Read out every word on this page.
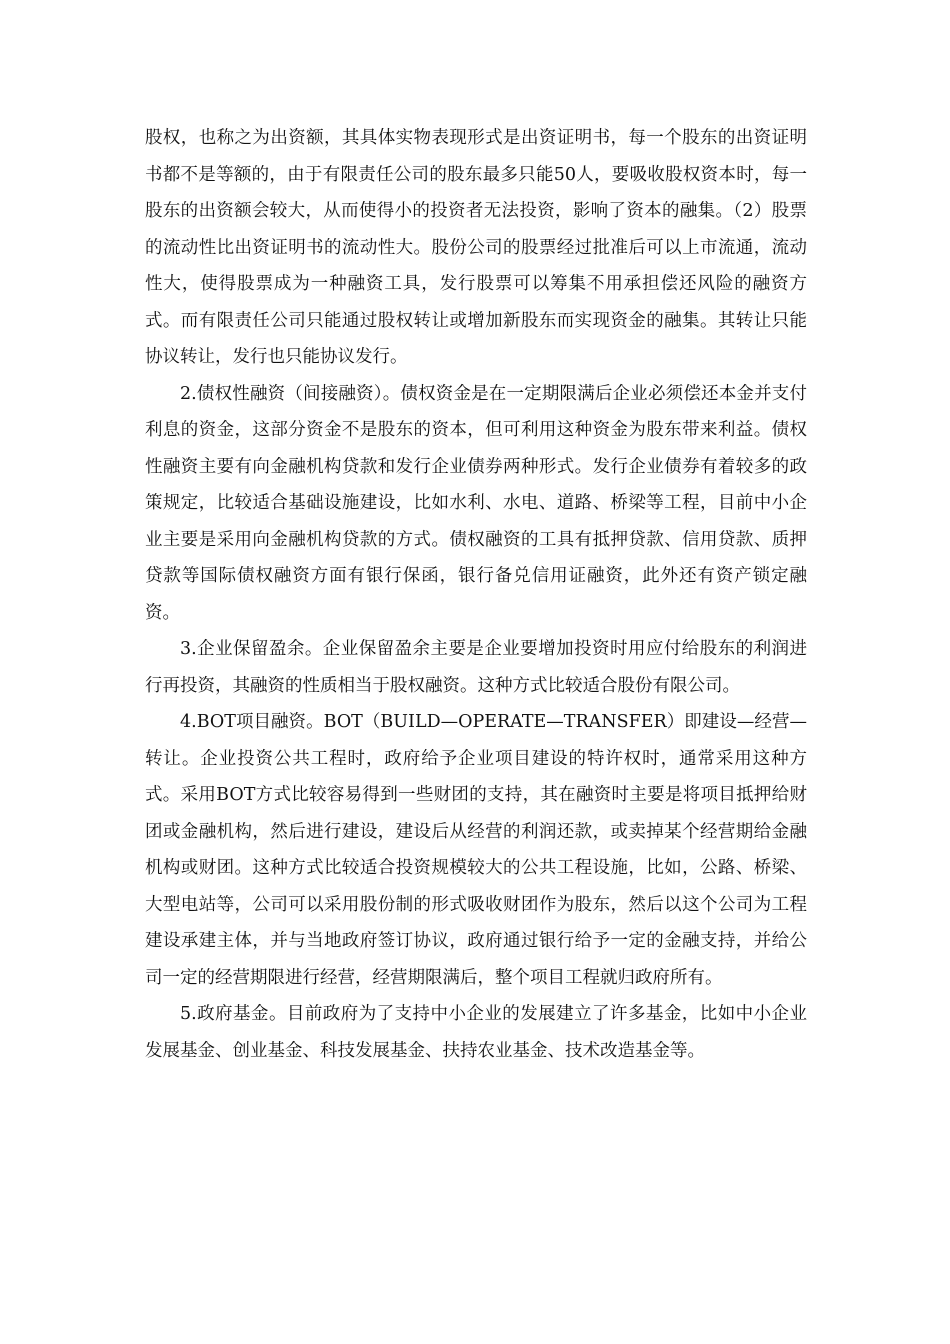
股权，也称之为出资额，其具体实物表现形式是出资证明书，每一个股东的出资证明书都不是等额的，由于有限责任公司的股东最多只能50人，要吸收股权资本时，每一股东的出资额会较大，从而使得小的投资者无法投资，影响了资本的融集。（2）股票的流动性比出资证明书的流动性大。股份公司的股票经过批准后可以上市流通，流动性大，使得股票成为一种融资工具，发行股票可以筹集不用承担偿还风险的融资方式。而有限责任公司只能通过股权转让或增加新股东而实现资金的融集。其转让只能协议转让，发行也只能协议发行。

2.债权性融资（间接融资）。债权资金是在一定期限满后企业必须偿还本金并支付利息的资金，这部分资金不是股东的资本，但可利用这种资金为股东带来利益。债权性融资主要有向金融机构贷款和发行企业债券两种形式。发行企业债券有着较多的政策规定，比较适合基础设施建设，比如水利、水电、道路、桥梁等工程，目前中小企业主要是采用向金融机构贷款的方式。债权融资的工具有抵押贷款、信用贷款、质押贷款等国际债权融资方面有银行保函，银行备兑信用证融资，此外还有资产锁定融资。

3.企业保留盈余。企业保留盈余主要是企业要增加投资时用应付给股东的利润进行再投资，其融资的性质相当于股权融资。这种方式比较适合股份有限公司。

4.BOT项目融资。BOT（BUILD—OPERATE—TRANSFER）即建设—经营—转让。企业投资公共工程时，政府给予企业项目建设的特许权时，通常采用这种方式。采用BOT方式比较容易得到一些财团的支持，其在融资时主要是将项目抵押给财团或金融机构，然后进行建设，建设后从经营的利润还款，或卖掉某个经营期给金融机构或财团。这种方式比较适合投资规模较大的公共工程设施，比如，公路、桥梁、大型电站等，公司可以采用股份制的形式吸收财团作为股东，然后以这个公司为工程建设承建主体，并与当地政府签订协议，政府通过银行给予一定的金融支持，并给公司一定的经营期限进行经营，经营期限满后，整个项目工程就归政府所有。

5.政府基金。目前政府为了支持中小企业的发展建立了许多基金，比如中小企业发展基金、创业基金、科技发展基金、扶持农业基金、技术改造基金等。
